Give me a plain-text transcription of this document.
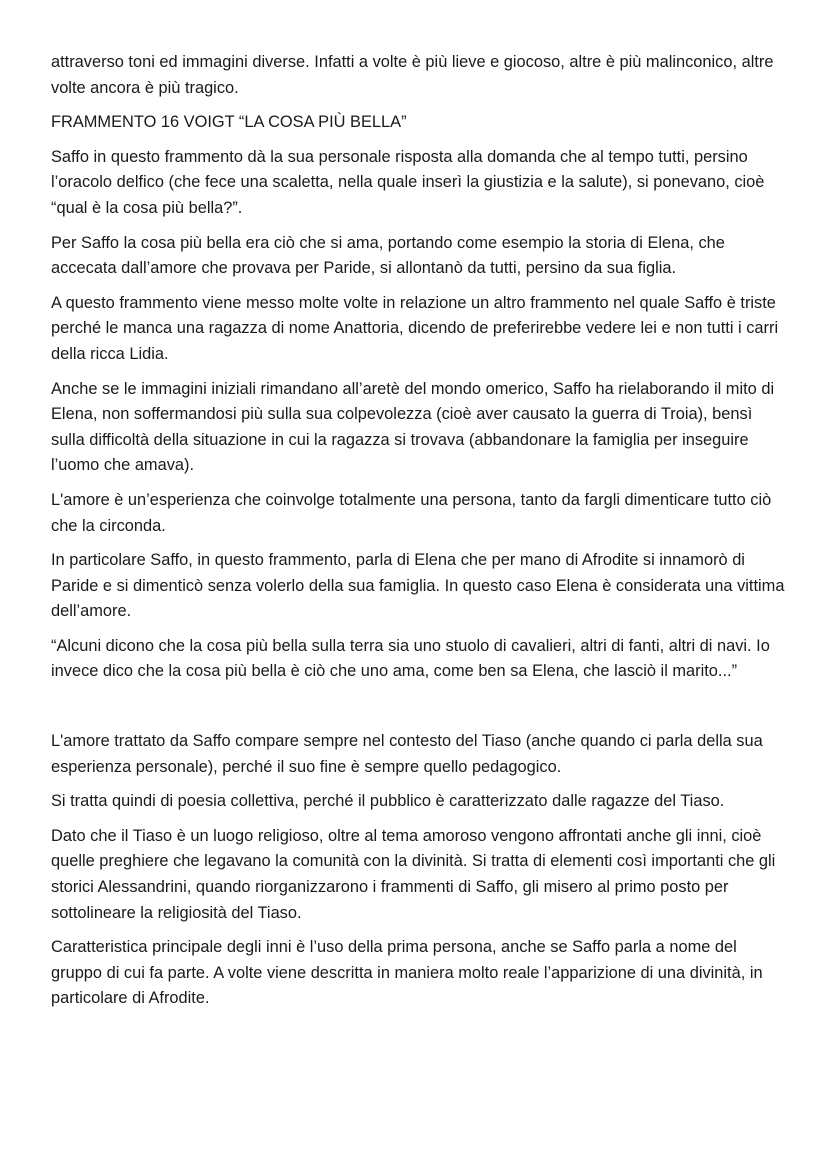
attraverso toni ed immagini diverse. Infatti a volte è più lieve e giocoso, altre è più malinconico, altre volte ancora è più tragico.

FRAMMENTO 16 VOIGT “LA COSA PIÙ BELLA”

Saffo in questo frammento dà la sua personale risposta alla domanda che al tempo tutti, persino l’oracolo delfico (che fece una scaletta, nella quale inserì la giustizia e la salute), si ponevano, cioè “qual è la cosa più bella?”.

Per Saffo la cosa più bella era ciò che si ama, portando come esempio la storia di Elena, che accecata dall’amore che provava per Paride, si allontanò da tutti, persino da sua figlia.

A questo frammento viene messo molte volte in relazione un altro frammento nel quale Saffo è triste perché le manca una ragazza di nome Anattoria, dicendo de preferirebbe vedere lei e non tutti i carri della ricca Lidia.

Anche se le immagini iniziali rimandano all’aretè del mondo omerico, Saffo ha rielaborando il mito di Elena, non soffermandosi più sulla sua colpevolezza (cioè aver causato la guerra di Troia), bensì sulla difficoltà della situazione in cui la ragazza si trovava (abbandonare la famiglia per inseguire l’uomo che amava).

L'amore è un’esperienza che coinvolge totalmente una persona, tanto da fargli dimenticare tutto ciò che la circonda.

In particolare Saffo, in questo frammento, parla di Elena che per mano di Afrodite si innamorò di Paride e si dimenticò senza volerlo della sua famiglia. In questo caso Elena è considerata una vittima dell’amore.

“Alcuni dicono che la cosa più bella sulla terra sia uno stuolo di cavalieri, altri di fanti, altri di navi. Io invece dico che la cosa più bella è ciò che uno ama, come ben sa Elena, che lasciò il marito...”

L'amore trattato da Saffo compare sempre nel contesto del Tiaso (anche quando ci parla della sua esperienza personale), perché il suo fine è sempre quello pedagogico.

Si tratta quindi di poesia collettiva, perché il pubblico è caratterizzato dalle ragazze del Tiaso.

Dato che il Tiaso è un luogo religioso, oltre al tema amoroso vengono affrontati anche gli inni, cioè quelle preghiere che legavano la comunità con la divinità. Si tratta di elementi così importanti che gli storici Alessandrini, quando riorganizzarono i frammenti di Saffo, gli misero al primo posto per sottolineare la religiosità del Tiaso.

Caratteristica principale degli inni è l’uso della prima persona, anche se Saffo parla a nome del gruppo di cui fa parte. A volte viene descritta in maniera molto reale l’apparizione di una divinità, in particolare di Afrodite.
